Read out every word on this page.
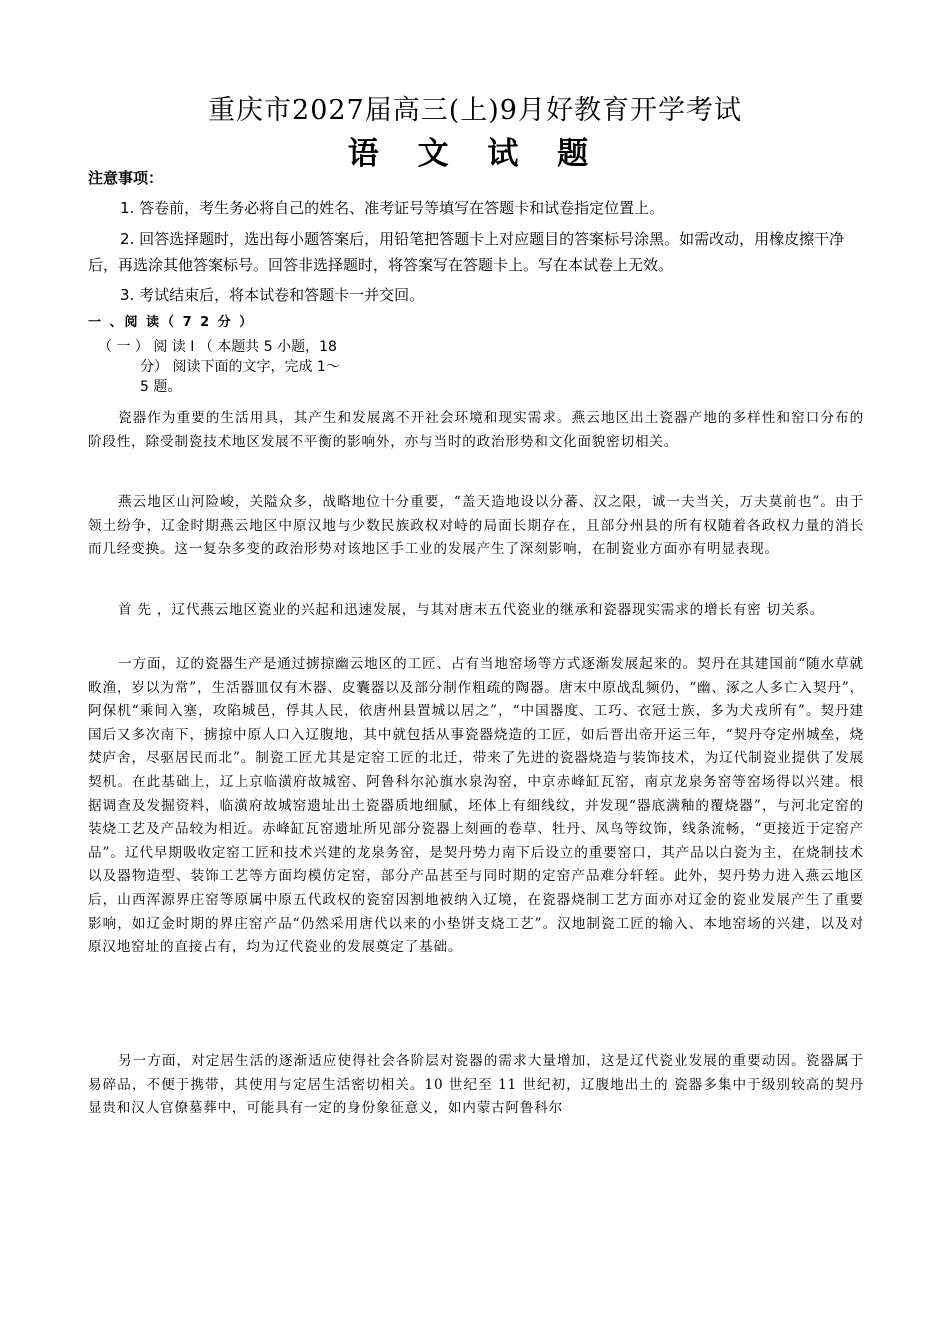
重庆市2027届高三(上)9月好教育开学考试
语 文 试 题
注意事项：
1. 答卷前，考生务必将自己的姓名、准考证号等填写在答题卡和试卷指定位置上。
2. 回答选择题时，选出每小题答案后，用铅笔把答题卡上对应题目的答案标号涂黑。如需改动，用橡皮擦干净后，再选涂其他答案标号。回答非选择题时，将答案写在答题卡上。写在本试卷上无效。
3. 考试结束后，将本试卷和答题卡一并交回。
一 、阅 读（ 7 2 分 ）
（ 一 ） 阅 读 I （ 本题共 5 小题，18
分） 阅读下面的文字，完成 1～
5 题。
瓷器作为重要的生活用具，其产生和发展离不开社会环境和现实需求。燕云地区出土瓷器产地的多样性和窑口分布的阶段性，除受制瓷技术地区发展不平衡的影响外，亦与当时的政治形势和文化面貌密切相关。
燕云地区山河险峻，关隘众多，战略地位十分重要，“盖天造地设以分蕃、汉之限，诚一夫当关，万夫莫前也”。由于领土纷争，辽金时期燕云地区中原汉地与少数民族政权对峙的局面长期存在，且部分州县的所有权随着各政权力量的消长而几经变换。这一复杂多变的政治形势对该地区手工业的发展产生了深刻影响，在制瓷业方面亦有明显表现。
首 先 ，辽代燕云地区瓷业的兴起和迅速发展，与其对唐末五代瓷业的继承和瓷器现实需求的增长有密 切关系。
一方面，辽的瓷器生产是通过掳掠幽云地区的工匠、占有当地窑场等方式逐渐发展起来的。契丹在其建国前“随水草就畋渔，岁以为常”，生活器皿仅有木器、皮囊器以及部分制作粗疏的陶器。唐末中原战乱频仍，“幽、涿之人多亡入契丹”，阿保机“乘间入塞，攻陷城邑，俘其人民，依唐州县置城以居之”，“中国器度、工巧、衣冠士族，多为犬戎所有”。契丹建国后又多次南下，掳掠中原人口入辽腹地，其中就包括从事瓷器烧造的工匠，如后晋出帝开运三年，“契丹夺定州城垒，烧焚庐舍，尽驱居民而北”。制瓷工匠尤其是定窑工匠的北迁，带来了先进的瓷器烧造与装饰技术，为辽代制瓷业提供了发展契机。在此基础上，辽上京临潢府故城窑、阿鲁科尔沁旗水泉沟窑，中京赤峰缸瓦窑，南京龙泉务窑等窑场得以兴建。根据调查及发掘资料，临潢府故城窑遗址出土瓷器质地细腻，坯体上有细线纹，并发现“器底满釉的覆烧器”，与河北定窑的装烧工艺及产品较为相近。赤峰缸瓦窑遗址所见部分瓷器上刻画的卷草、牡丹、凤鸟等纹饰，线条流畅，“更接近于定窑产品”。辽代早期吸收定窑工匠和技术兴建的龙泉务窑，是契丹势力南下后设立的重要窑口，其产品以白瓷为主，在烧制技术以及器物造型、装饰工艺等方面均模仿定窑，部分产品甚至与同时期的定窑产品难分轩轾。此外，契丹势力进入燕云地区后，山西浑源界庄窑等原属中原五代政权的瓷窑因割地被纳入辽境，在瓷器烧制工艺方面亦对辽金的瓷业发展产生了重要影响，如辽金时期的界庄窑产品“仍然采用唐代以来的小垫饼支烧工艺”。汉地制瓷工匠的输入、本地窑场的兴建，以及对原汉地窑址的直接占有，均为辽代瓷业的发展奠定了基础。
另一方面，对定居生活的逐渐适应使得社会各阶层对瓷器的需求大量增加，这是辽代瓷业发展的重要动因。瓷器属于易碎品，不便于携带，其使用与定居生活密切相关。10 世纪至 11 世纪初，辽腹地出土的 瓷器多集中于级别较高的契丹显贵和汉人官僚墓葬中，可能具有一定的身份象征意义，如内蒙古阿鲁科尔
